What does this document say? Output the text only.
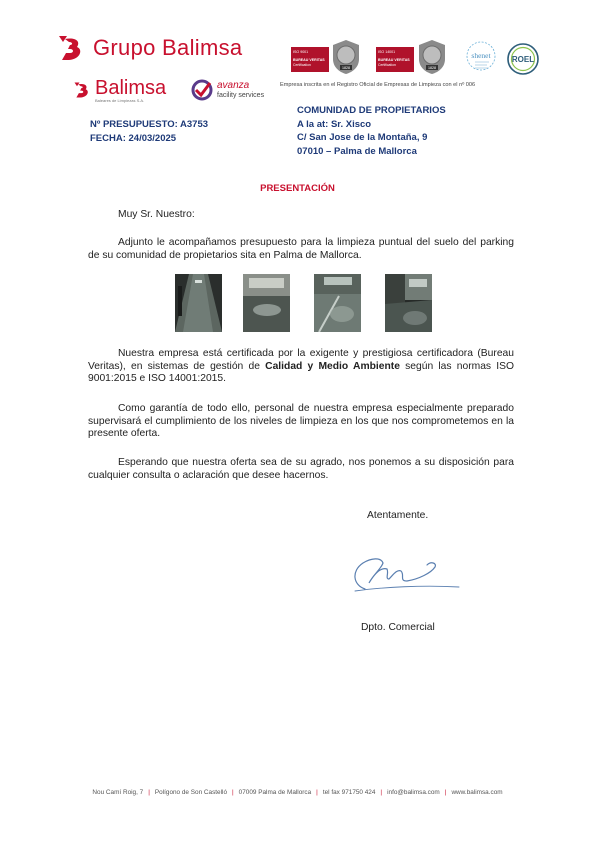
Grupo Balimsa
Balimsa
Baleares de Limpiezas S.A.
avanza
facility services
ISO 9001
BUREAU VERITAS
Certification
1828
ISO 14001
BUREAU VERITAS
Certification
1828
shenet	ROEL
Empresa inscrita en el Registro Oficial de Empresas de Limpieza con el nº 006
Nº PRESUPUESTO: A3753
FECHA: 24/03/2025
COMUNIDAD DE PROPIETARIOS
A la at: Sr. Xisco
C/ San Jose de la Montaña, 9
07010 – Palma de Mallorca
PRESENTACIÓN
Muy Sr. Nuestro:
Adjunto le acompañamos presupuesto para la limpieza puntual del suelo del parking de su comunidad de propietarios sita en Palma de Mallorca.
Nuestra empresa está certificada por la exigente y prestigiosa certificadora (Bureau Veritas), en sistemas de gestión de Calidad y Medio Ambiente según las normas ISO 9001:2015 e ISO 14001:2015.
Como garantía de todo ello, personal de nuestra empresa especialmente preparado supervisará el cumplimiento de los niveles de limpieza en los que nos comprometemos en la presente oferta.
Esperando que nuestra oferta sea de su agrado, nos ponemos a su disposición para cualquier consulta o aclaración que desee hacernos.
Atentamente.
Dpto. Comercial
Nou Camí Roig, 7 | Polígono de Son Castelló | 07009 Palma de Mallorca | tel fax 971750 424 | info@balimsa.com | www.balimsa.com
